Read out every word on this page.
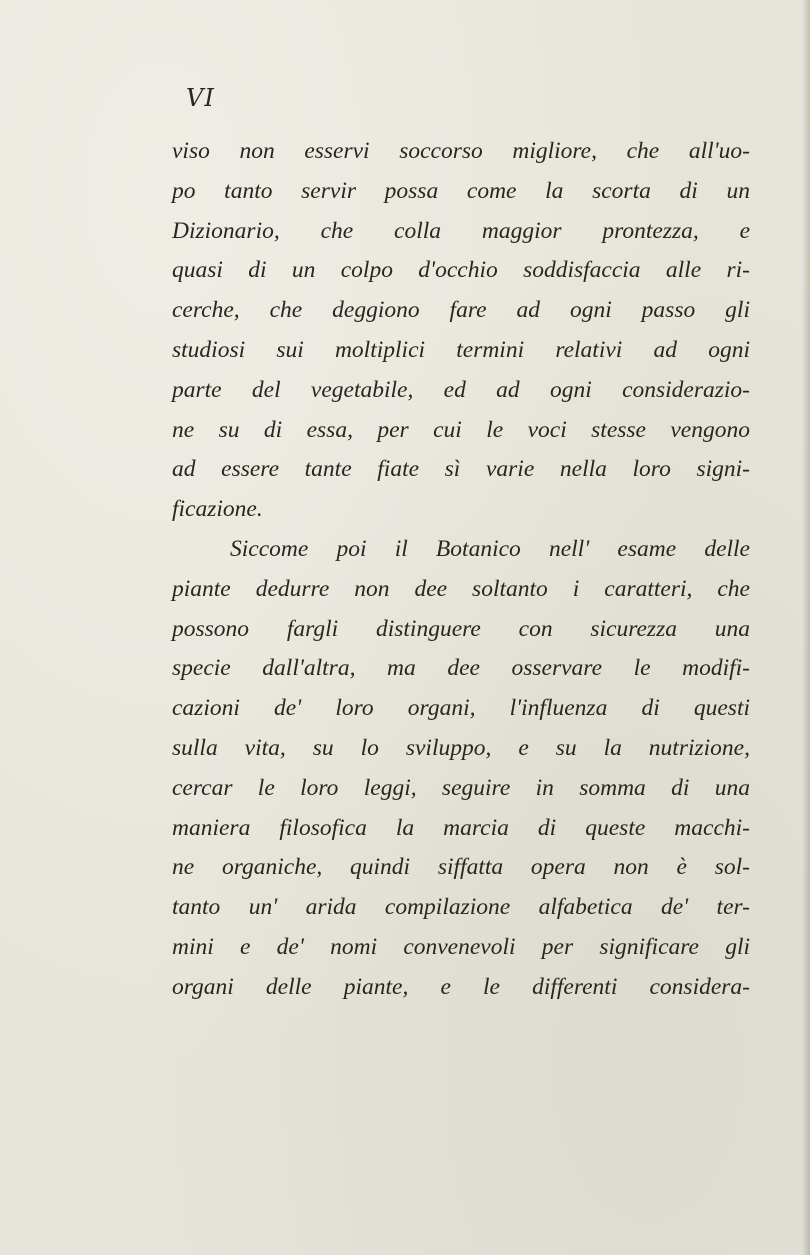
VI
viso non esservi soccorso migliore, che all'uo-
po tanto servir possa come la scorta di un
Dizionario, che colla maggior prontezza, e
quasi di un colpo d'occhio soddisfaccia alle ri-
cerche, che deggiono fare ad ogni passo gli
studiosi sui moltiplici termini relativi ad ogni
parte del vegetabile, ed ad ogni considerazio-
ne su di essa, per cui le voci stesse vengono
ad essere tante fiate sì varie nella loro signi-
ficazione.
Siccome poi il Botanico nell' esame delle
piante dedurre non dee soltanto i caratteri, che
possono fargli distinguere con sicurezza una
specie dall'altra, ma dee osservare le modifi-
cazioni de' loro organi, l'influenza di questi
sulla vita, su lo sviluppo, e su la nutrizione,
cercar le loro leggi, seguire in somma di una
maniera filosofica la marcia di queste macchi-
ne organiche, quindi siffatta opera non è sol-
tanto un' arida compilazione alfabetica de' ter-
mini e de' nomi convenevoli per significare gli
organi delle piante, e le differenti considera-
